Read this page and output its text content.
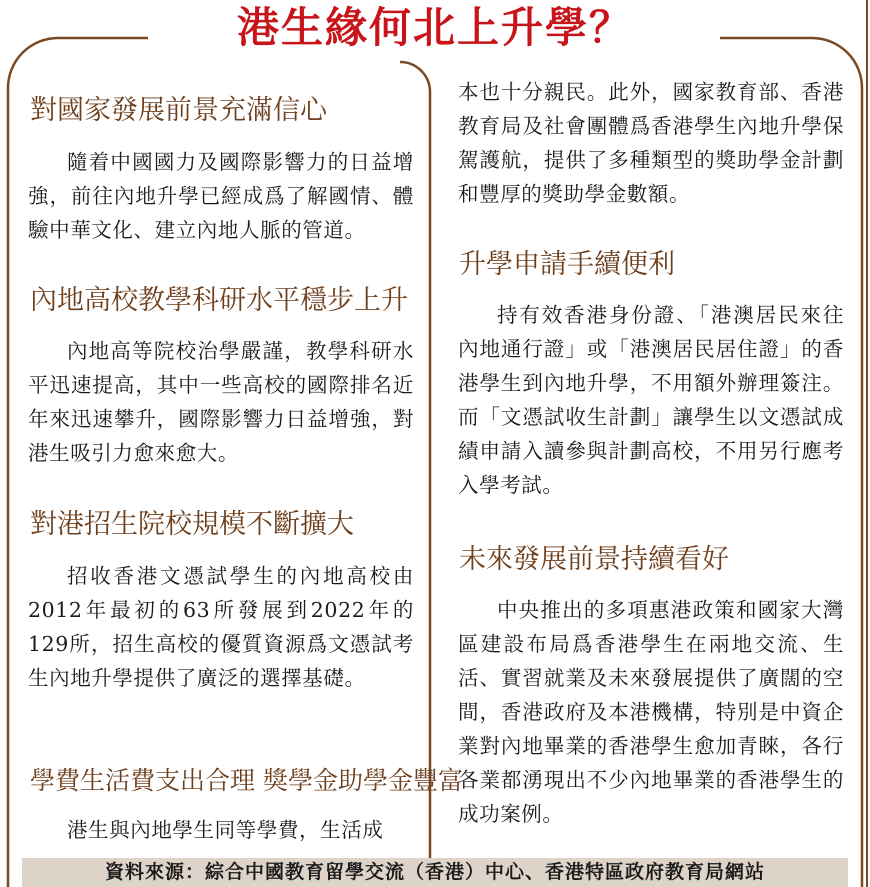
港生緣何北上升學？
對國家發展前景充滿信心

隨着中國國力及國際影響力的日益增強，前往內地升學已經成爲了解國情、體驗中華文化、建立內地人脈的管道。

內地高校教學科研水平穩步上升

內地高等院校治學嚴謹，教學科研水平迅速提高，其中一些高校的國際排名近年來迅速攀升，國際影響力日益增強，對港生吸引力愈來愈大。

對港招生院校規模不斷擴大

招收香港文憑試學生的內地高校由2012年最初的63所發展到2022年的129所，招生高校的優質資源爲文憑試考生內地升學提供了廣泛的選擇基礎。

學費生活費支出合理 獎學金助學金豐富

港生與內地學生同等學費，生活成

本也十分親民。此外，國家教育部、香港教育局及社會團體爲香港學生內地升學保駕護航，提供了多種類型的獎助學金計劃和豐厚的獎助學金數額。

升學申請手續便利

持有效香港身份證、「港澳居民來往內地通行證」或「港澳居民居住證」的香港學生到內地升學，不用額外辦理簽注。而「文憑試收生計劃」讓學生以文憑試成績申請入讀參與計劃高校，不用另行應考入學考試。

未來發展前景持續看好

中央推出的多項惠港政策和國家大灣區建設布局爲香港學生在兩地交流、生活、實習就業及未來發展提供了廣闊的空間，香港政府及本港機構，特別是中資企業對內地畢業的香港學生愈加青睞，各行各業都湧現出不少內地畢業的香港學生的成功案例。

資料來源：綜合中國教育留學交流（香港）中心、香港特區政府教育局網站
